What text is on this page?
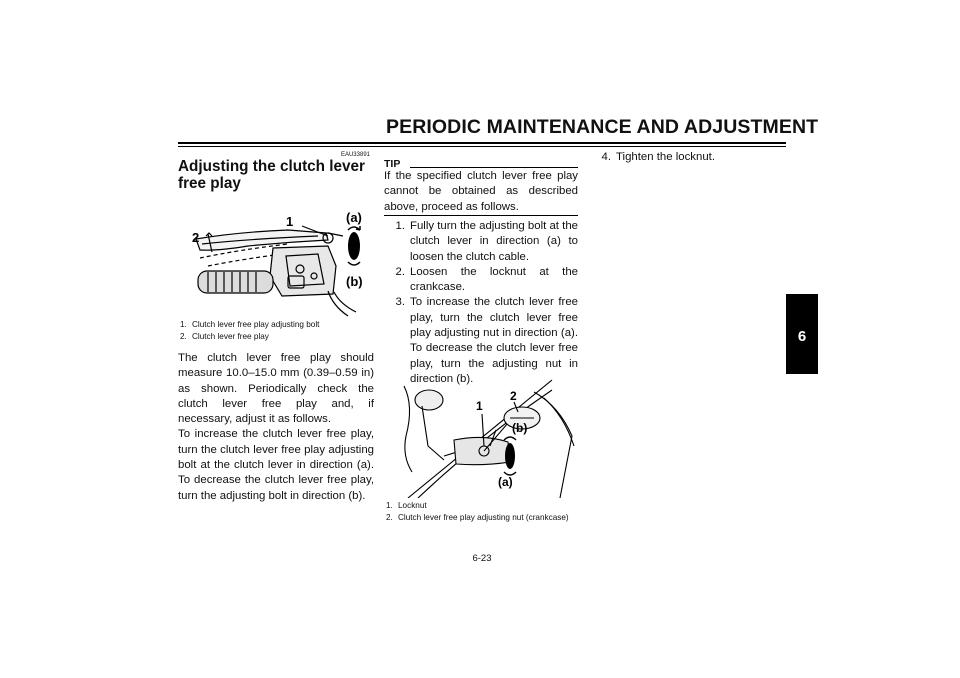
PERIODIC MAINTENANCE AND ADJUSTMENT
6
EAU33891
Adjusting the clutch lever free play
1
2
(a)
(b)
1. Clutch lever free play adjusting bolt
2. Clutch lever free play

The clutch lever free play should measure 10.0–15.0 mm (0.39–0.59 in) as shown. Periodically check the clutch lever free play and, if necessary, adjust it as follows.

To increase the clutch lever free play, turn the clutch lever free play adjusting bolt at the clutch lever in direction (a). To decrease the clutch lever free play, turn the adjusting bolt in direction (b).

TIP
If the specified clutch lever free play cannot be obtained as described above, proceed as follows.
1. Fully turn the adjusting bolt at the clutch lever in direction (a) to loosen the clutch cable.
2. Loosen the locknut at the crankcase.
3. To increase the clutch lever free play, turn the clutch lever free play adjusting nut in direction (a). To decrease the clutch lever free play, turn the adjusting nut in direction (b).
1
2
(b)
(a)
1. Locknut
2. Clutch lever free play adjusting nut (crankcase)
4. Tighten the locknut.
6-23
